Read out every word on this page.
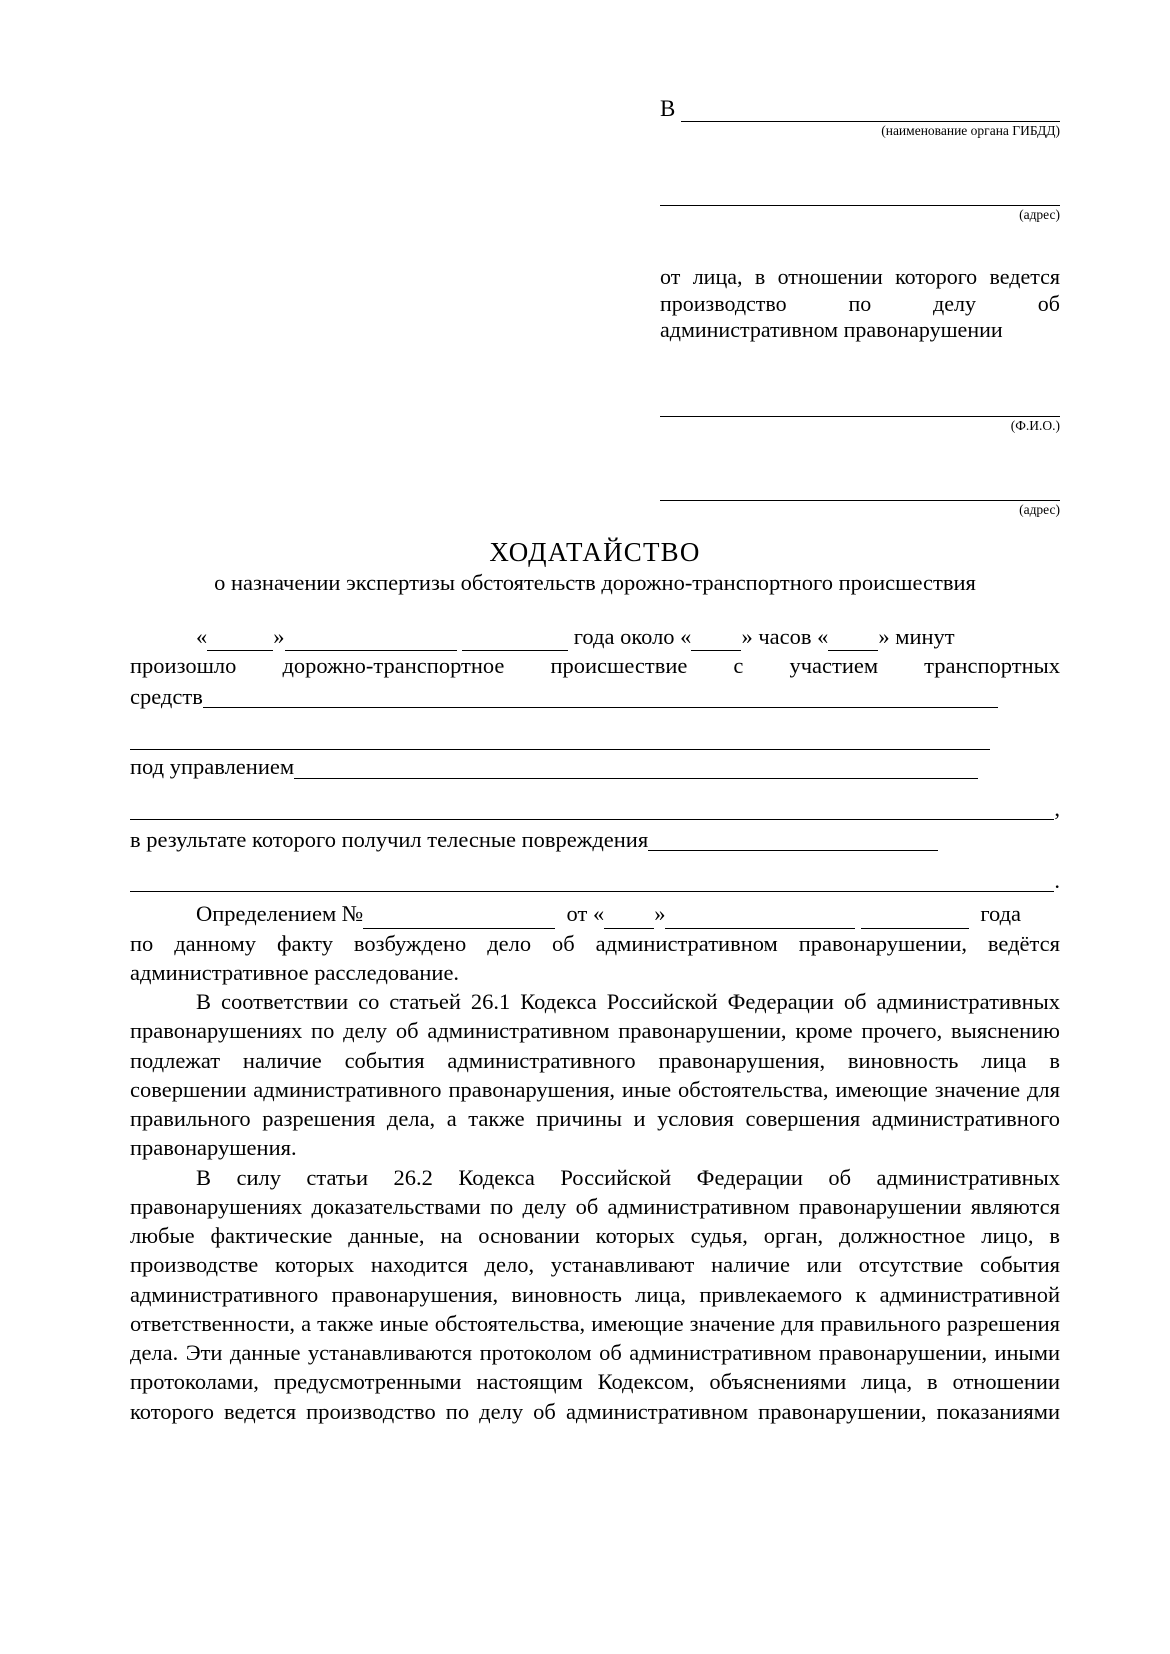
В
(наименование органа ГИБДД)
(адрес)
от лица, в отношении которого ведется производство по делу об административном правонарушении
(Ф.И.О.)
(адрес)
ХОДАТАЙСТВО
о назначении экспертизы обстоятельств дорожно-транспортного происшествия
«	»

	года около « » часов « » минут
произошло дорожно-транспортное происшествие с участием транспортных
средств
под управлением
,
в результате которого получил телесные повреждения
.
Определением №
	от « »

	года
по данному факту возбуждено дело об административном правонарушении, ведётся административное расследование.
В соответствии со статьей 26.1 Кодекса Российской Федерации об административных правонарушениях по делу об административном правонарушении, кроме прочего, выяснению подлежат наличие события административного правонарушения, виновность лица в совершении административного правонарушения, иные обстоятельства, имеющие значение для правильного разрешения дела, а также причины и условия совершения административного правонарушения.
В силу статьи 26.2 Кодекса Российской Федерации об административных правонарушениях доказательствами по делу об административном правонарушении являются любые фактические данные, на основании которых судья, орган, должностное лицо, в производстве которых находится дело, устанавливают наличие или отсутствие события административного правонарушения, виновность лица, привлекаемого к административной ответственности, а также иные обстоятельства, имеющие значение для правильного разрешения дела. Эти данные устанавливаются протоколом об административном правонарушении, иными протоколами, предусмотренными настоящим Кодексом, объяснениями лица, в отношении которого ведется производство по делу об административном правонарушении, показаниями
